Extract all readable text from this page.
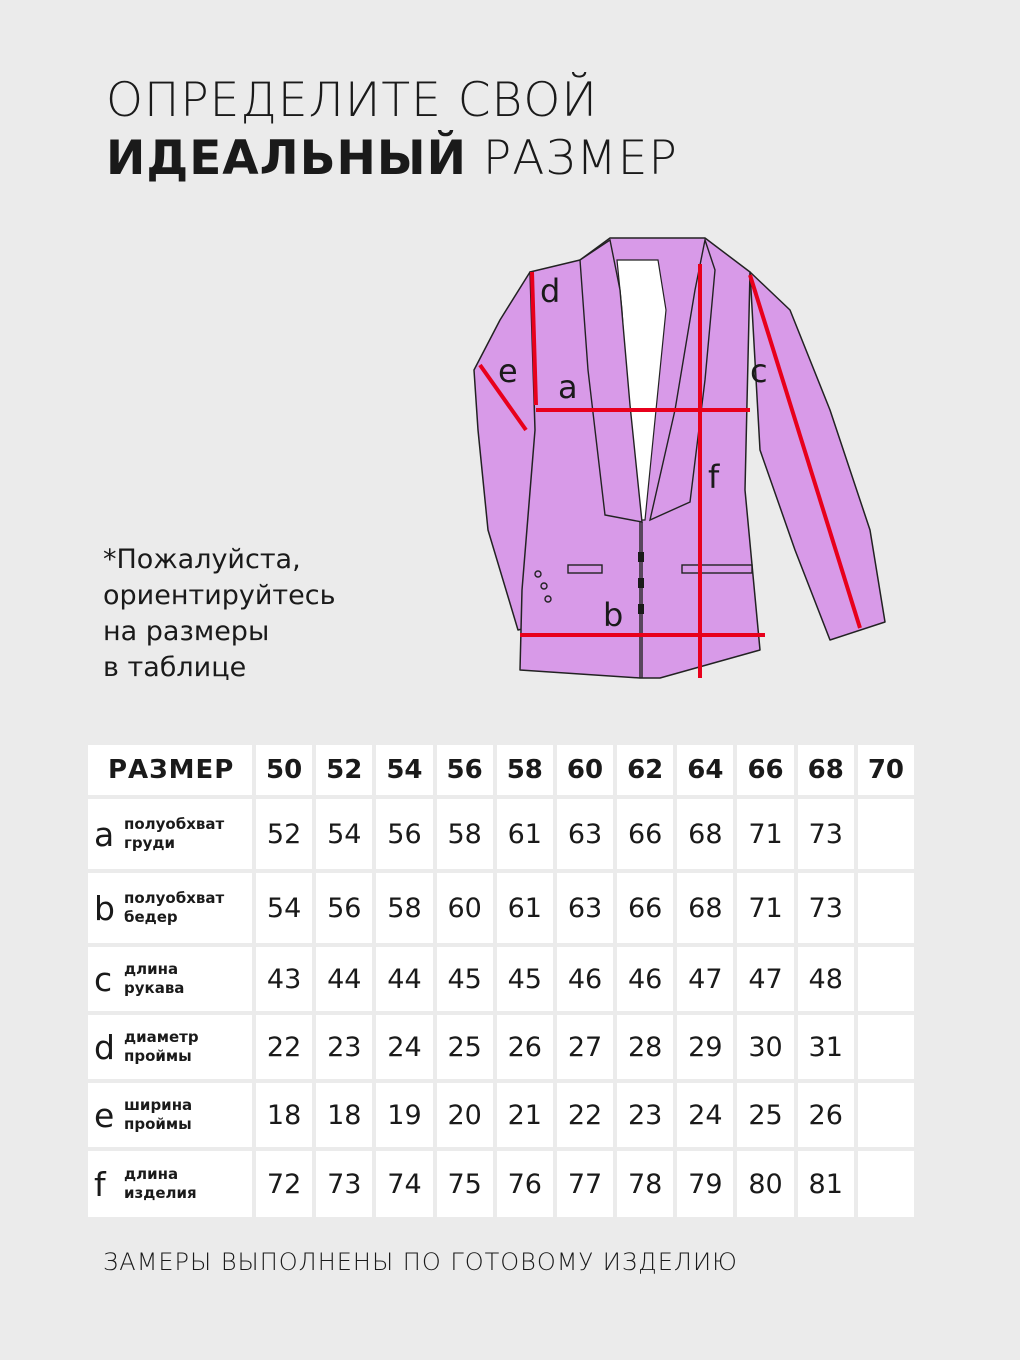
ОПРЕДЕЛИТЕ СВОЙ
ИДЕАЛЬНЫЙ РАЗМЕР
*Пожалуйста,
ориентируйтесь
на размеры
в таблице
d
e a	c
f
b
РАЗМЕР	50 52 54 56 58 60 62 64 66 68 70
a полуобхват
груди	52 54 56 58 61 63 66 68 71 73
b полуобхват
бедер	54 56 58 60 61 63 66 68 71 73
c длина
рукава	43 44 44 45 45 46 46 47 47 48
d диаметр
проймы	22 23 24 25 26 27 28 29 30 31
e ширина
проймы	18 18 19 20 21 22 23 24 25 26
f	длина
изделия	72 73 74 75 76 77 78 79 80 81
ЗАМЕРЫ ВЫПОЛНЕНЫ ПО ГОТОВОМУ ИЗДЕЛИЮ
